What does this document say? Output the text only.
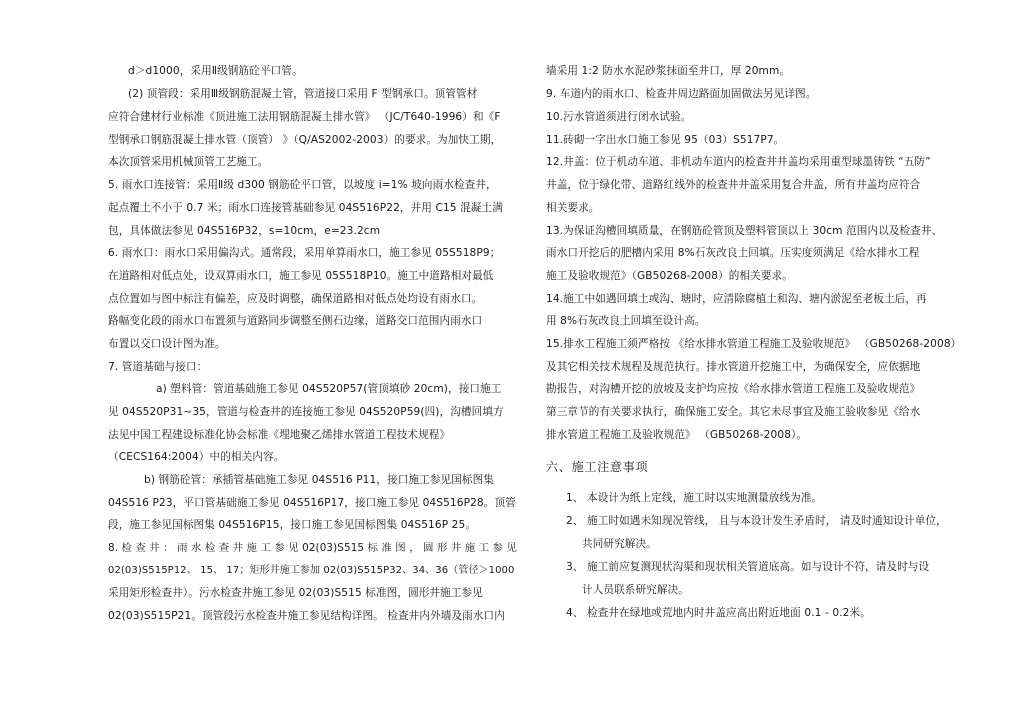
d＞d1000，采用Ⅱ级钢筋砼平口管。
(2) 顶管段：采用Ⅲ级钢筋混凝土管，管道接口采用 F 型钢承口。顶管管材
应符合建材行业标准《顶进施工法用钢筋混凝土排水管》 （JC/T640-1996）和《F
型钢承口钢筋混凝土排水管（顶管） 》（Q/AS2002-2003）的要求。为加快工期，
本次顶管采用机械顶管工艺施工。
5. 雨水口连接管：采用Ⅱ级 d300 钢筋砼平口管，以坡度 i=1% 坡向雨水检查井，
起点覆土不小于 0.7 米；雨水口连接管基础参见 04S516P22，并用 C15 混凝土满
包，具体做法参见 04S516P32，s=10cm，e=23.2cm
6. 雨水口：雨水口采用偏沟式。通常段，采用单算雨水口，施工参见 05S518P9；
在道路相对低点处，设双算雨水口，施工参见 05S518P10。施工中道路相对最低
点位置如与图中标注有偏差，应及时调整，确保道路相对低点处均设有雨水口。
路幅变化段的雨水口布置须与道路同步调整至侧石边缘，道路交口范围内雨水口
布置以交口设计图为准。
7. 管道基础与接口：
a) 塑料管：管道基础施工参见 04S520P57(管顶填砂 20cm)，接口施工
见 04S520P31~35，管道与检查井的连接施工参见 04S520P59(四)，沟槽回填方
法见中国工程建设标准化协会标准《埋地聚乙烯排水管道工程技术规程》
（CECS164:2004）中的相关内容。
b) 钢筋砼管：承插管基础施工参见 04S516 P11，接口施工参见国标图集
04S516 P23，平口管基础施工参见 04S516P17，接口施工参见 04S516P28。顶管
段，施工参见国标图集 04S516P15，接口施工参见国标图集 04S516P 25。
8. 检 查 井 ： 雨 水 检 查 井 施 工 参 见 02(03)S515 标 准 图 ， 圆 形 井 施 工 参 见
02(03)S515P12、 15、 17；矩形井施工参加 02(03)S515P32、34、36（管径＞1000
采用矩形检查井）。污水检查井施工参见 02(03)S515 标准图，圆形井施工参见
02(03)S515P21。顶管段污水检查井施工参见结构详图。 检查井内外墙及雨水口内
墙采用 1:2 防水水泥砂浆抹面至井口，厚 20mm。
9. 车道内的雨水口、检查井周边路面加固做法另见详图。
10.污水管道须进行闭水试验。
11.砖砌一字出水口施工参见 95（03）S517P7。
12.井盖：位于机动车道、非机动车道内的检查井井盖均采用重型球墨铸铁 “五防”
井盖，位于绿化带、道路红线外的检查井井盖采用复合井盖，所有井盖均应符合
相关要求。
13.为保证沟槽回填质量，在钢筋砼管顶及塑料管顶以上 30cm 范围内以及检查井、
雨水口开挖后的肥槽内采用 8%石灰改良土回填。压实度须满足《给水排水工程
施工及验收规范》（GB50268-2008）的相关要求。
14.施工中如遇回填土或沟、塘时，应清除腐植土和沟、塘内淤泥至老板土后，再
用 8%石灰改良土回填至设计高。
15.排水工程施工须严格按 《给水排水管道工程施工及验收规范》 （GB50268-2008）
及其它相关技术规程及规范执行。排水管道开挖施工中，为确保安全，应依据地
勘报告，对沟槽开挖的放坡及支护均应按《给水排水管道工程施工及验收规范》
第三章节的有关要求执行，确保施工安全。其它未尽事宜及施工验收参见《给水
排水管道工程施工及验收规范》 （GB50268-2008）。
六、施工注意事项
1、 本设计为纸上定线，施工时以实地测量放线为准。
2、 施工时如遇未知现况管线， 且与本设计发生矛盾时， 请及时通知设计单位，
共同研究解决。
3、 施工前应复测现状沟渠和现状相关管道底高。如与设计不符，请及时与设
计人员联系研究解决。
4、 检查井在绿地或荒地内时井盖应高出附近地面 0.1 - 0.2米。
